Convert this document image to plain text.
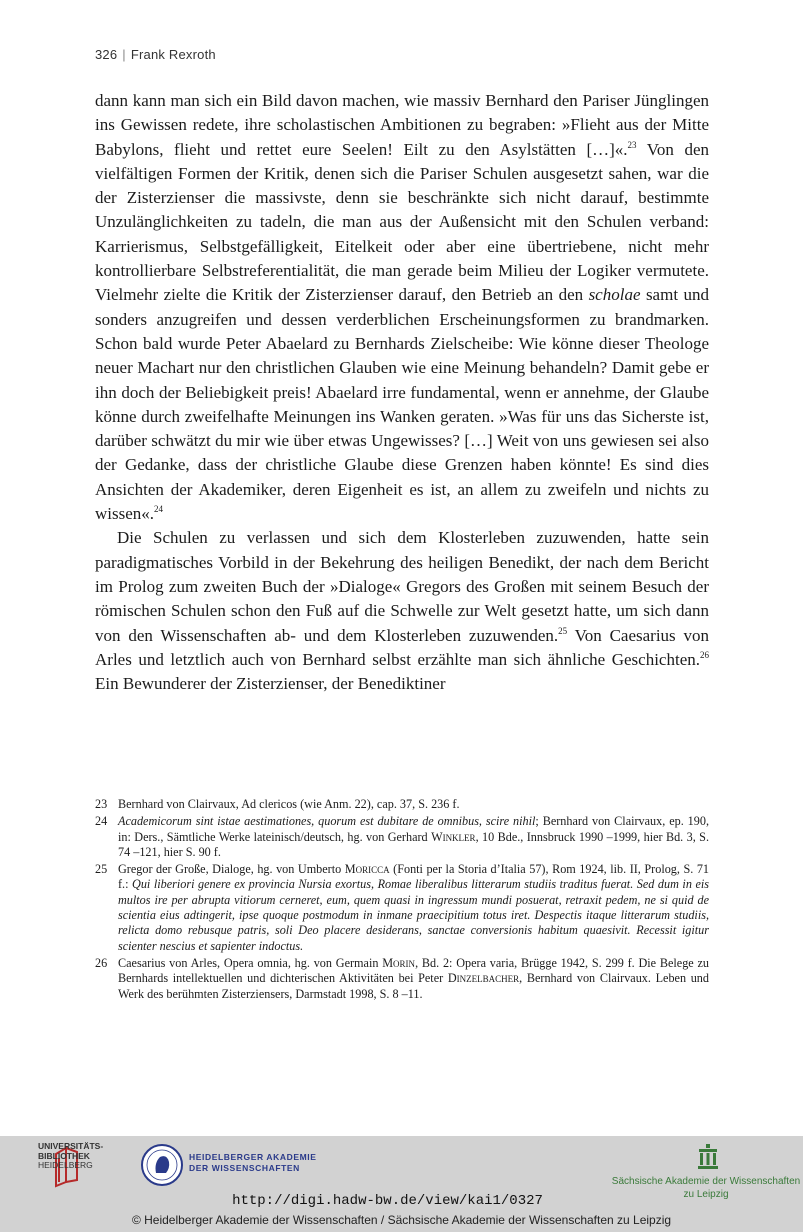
326 | Frank Rexroth

dann kann man sich ein Bild davon machen, wie massiv Bernhard den Pariser Jünglingen ins Gewissen redete, ihre scholastischen Ambitionen zu begraben: »Flieht aus der Mitte Babylons, flieht und rettet eure Seelen! Eilt zu den Asylstätten […]«.$^{23}$ Von den vielfältigen Formen der Kritik, denen sich die Pariser Schulen ausgesetzt sahen, war die der Zisterzienser die massivste, denn sie beschränkte sich nicht darauf, bestimmte Unzulänglichkeiten zu tadeln, die man aus der Außensicht mit den Schulen verband: Karrierismus, Selbstgefälligkeit, Eitelkeit oder aber eine übertriebene, nicht mehr kontrollierbare Selbstreferentialität, die man gerade beim Milieu der Logiker vermutete. Vielmehr zielte die Kritik der Zisterzienser darauf, den Betrieb an den scholae samt und sonders anzugreifen und dessen verderblichen Erscheinungsformen zu brandmarken. Schon bald wurde Peter Abaelard zu Bernhards Zielscheibe: Wie könne dieser Theologe neuer Machart nur den christlichen Glauben wie eine Meinung behandeln? Damit gebe er ihn doch der Beliebigkeit preis! Abaelard irre fundamental, wenn er annehme, der Glaube könne durch zweifelhafte Meinungen ins Wanken geraten. »Was für uns das Sicherste ist, darüber schwätzt du mir wie über etwas Ungewisses? […] Weit von uns gewiesen sei also der Gedanke, dass der christliche Glaube diese Grenzen haben könnte! Es sind dies Ansichten der Akademiker, deren Eigenheit es ist, an allem zu zweifeln und nichts zu wissen«.$^{24}$

Die Schulen zu verlassen und sich dem Klosterleben zuzuwenden, hatte sein paradigmatisches Vorbild in der Bekehrung des heiligen Benedikt, der nach dem Bericht im Prolog zum zweiten Buch der »Dialoge« Gregors des Großen mit seinem Besuch der römischen Schulen schon den Fuß auf die Schwelle zur Welt gesetzt hatte, um sich dann von den Wissenschaften ab- und dem Klosterleben zuzuwenden.$^{25}$ Von Caesarius von Arles und letztlich auch von Bernhard selbst erzählte man sich ähnliche Geschichten.$^{26}$ Ein Bewunderer der Zisterzienser, der Benediktiner

23 Bernhard von Clairvaux, Ad clericos (wie Anm. 22), cap. 37, S. 236 f.
24 Academicorum sint istae aestimationes, quorum est dubitare de omnibus, scire nihil; Bernhard von Clairvaux, ep. 190, in: Ders., Sämtliche Werke lateinisch/deutsch, hg. von Gerhard Winkler, 10 Bde., Innsbruck 1990 –1999, hier Bd. 3, S. 74 –121, hier S. 90 f.
25 Gregor der Große, Dialoge, hg. von Umberto Moricca (Fonti per la Storia d’Italia 57), Rom 1924, lib. II, Prolog, S. 71 f.: Qui liberiori genere ex provincia Nursia exortus, Romae liberalibus litterarum studiis traditus fuerat. Sed dum in eis multos ire per abrupta vitiorum cerneret, eum, quem quasi in ingressum mundi posuerat, retraxit pedem, ne si quid de scientia eius adtingerit, ipse quoque postmodum in inmane praecipitium totus iret. Despectis itaque litterarum studiis, relicta domo rebusque patris, soli Deo placere desiderans, sanctae conversionis habitum quaesivit. Recessit igitur scienter nescius et sapienter indoctus.
26 Caesarius von Arles, Opera omnia, hg. von Germain Morin, Bd. 2: Opera varia, Brügge 1942, S. 299 f. Die Belege zu Bernhards intellektuellen und dichterischen Aktivitäten bei Peter Dinzelbacher, Bernhard von Clairvaux. Leben und Werk des berühmten Zisterziensers, Darmstadt 1998, S. 8 –11.
UNIVERSITÄTS-
BIBLIOTHEK
HEIDELBERG
HEIDELBERGER AKADEMIE
DER WISSENSCHAFTEN
Sächsische Akademie der Wissenschaften
zu Leipzig
http://digi.hadw-bw.de/view/kai1/0327
© Heidelberger Akademie der Wissenschaften / Sächsische Akademie der Wissenschaften zu Leipzig
